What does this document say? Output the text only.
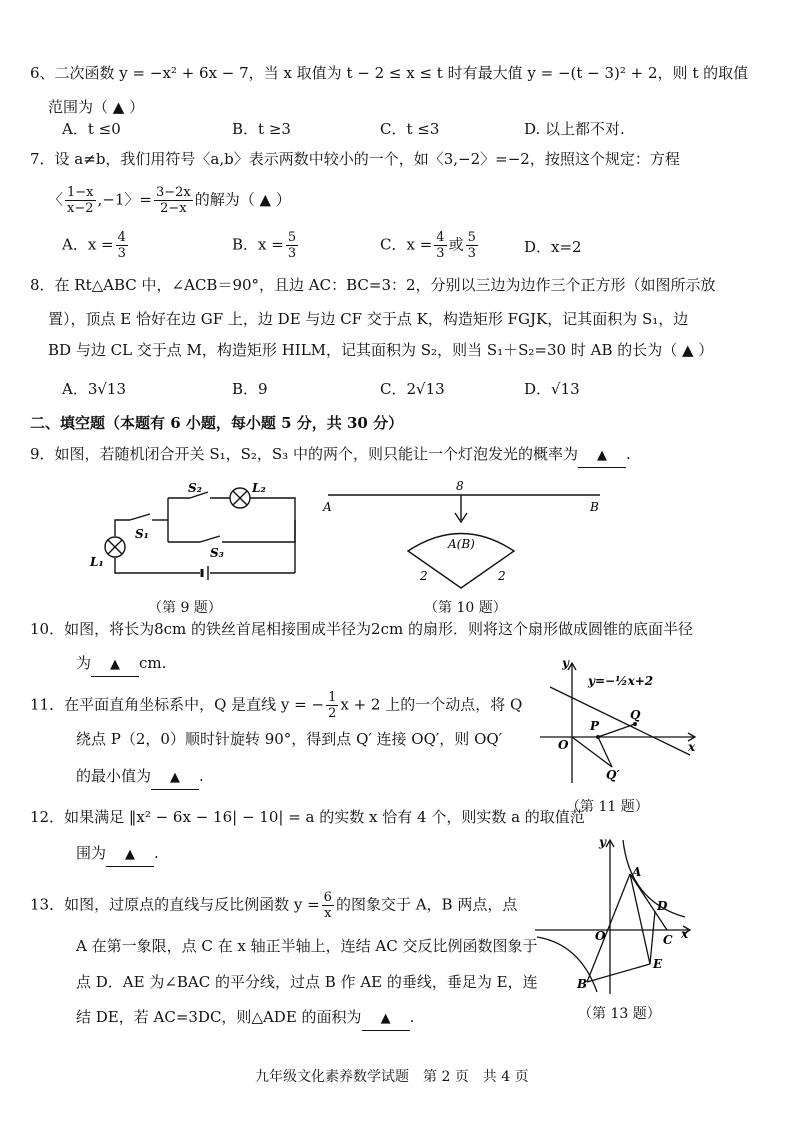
6、二次函数 y = −x² + 6x − 7，当 x 取值为 t − 2 ≤ x ≤ t 时有最大值 y = −(t − 3)² + 2，则 t 的取值
范围为（ ▲ ）
A．t ≤0	B．t ≥3	C．t ≤3	D. 以上都不对.
7．设 a≠b，我们用符号〈a,b〉表示两数中较小的一个，如〈3,−2〉=−2，按照这个规定：方程
〈 $\frac{1-x}{x-2} ,-1$〉= $\frac{3-2x}{2-x}$ 的解为（ ▲ ）
A．$x = \frac{4}{3}$	B．$x = \frac{5}{3}$	C．$x = \frac{4}{3}$ 或 $\frac{5}{3}$	D．x=2
8．在 Rt△ABC 中，∠ACB＝90°，且边 AC：BC=3：2，分别以三边为边作三个正方形（如图所示放
置），顶点 E 恰好在边 GF 上，边 DE 与边 CF 交于点 K，构造矩形 FGJK，记其面积为 S₁，边
BD 与边 CL 交于点 M，构造矩形 HILM，记其面积为 S₂，则当 S₁＋S₂=30 时 AB 的长为（ ▲ ）
A．3√13	B．9	C．2√13	D．√13
二、填空题（本题有 6 小题，每小题 5 分，共 30 分）
9．如图，若随机闭合开关 S₁，S₂，S₃ 中的两个，则只能让一个灯泡发光的概率为 ▲ .
S₂	L₂
S₁
S₃
L₁
（第 9 题）
8
A	B
A(B)
2	2
（第 10 题）
10．如图，将长为8cm 的铁丝首尾相接围成半径为2cm 的扇形．则将这个扇形做成圆锥的底面半径
为 ▲ cm.
11．在平面直角坐标系中，Q 是直线 y = − $\frac{1}{2}$ x + 2 上的一个动点，将 Q
绕点 P（2，0）顺时针旋转 90°，得到点 Q′ 连接 OQ′，则 OQ′
的最小值为 ▲ .
y
y=−½x+2
P
Q
O	x
Q′
（第 11 题）
12．如果满足 ‖x² − 6x − 16| − 10| = a 的实数 x 恰有 4 个，则实数 a 的取值范
围为 ▲ .
13．如图，过原点的直线与反比例函数 $y = \frac{6}{x}$ 的图象交于 A，B 两点，点
A 在第一象限，点 C 在 x 轴正半轴上，连结 AC 交反比例函数图象于
点 D．AE 为∠BAC 的平分线，过点 B 作 AE 的垂线，垂足为 E，连
结 DE，若 AC=3DC，则△ADE 的面积为 ▲ .
y
A
D
O	C x
E
B
（第 13 题）
九年级文化素养数学试题　第 2 页　共 4 页
